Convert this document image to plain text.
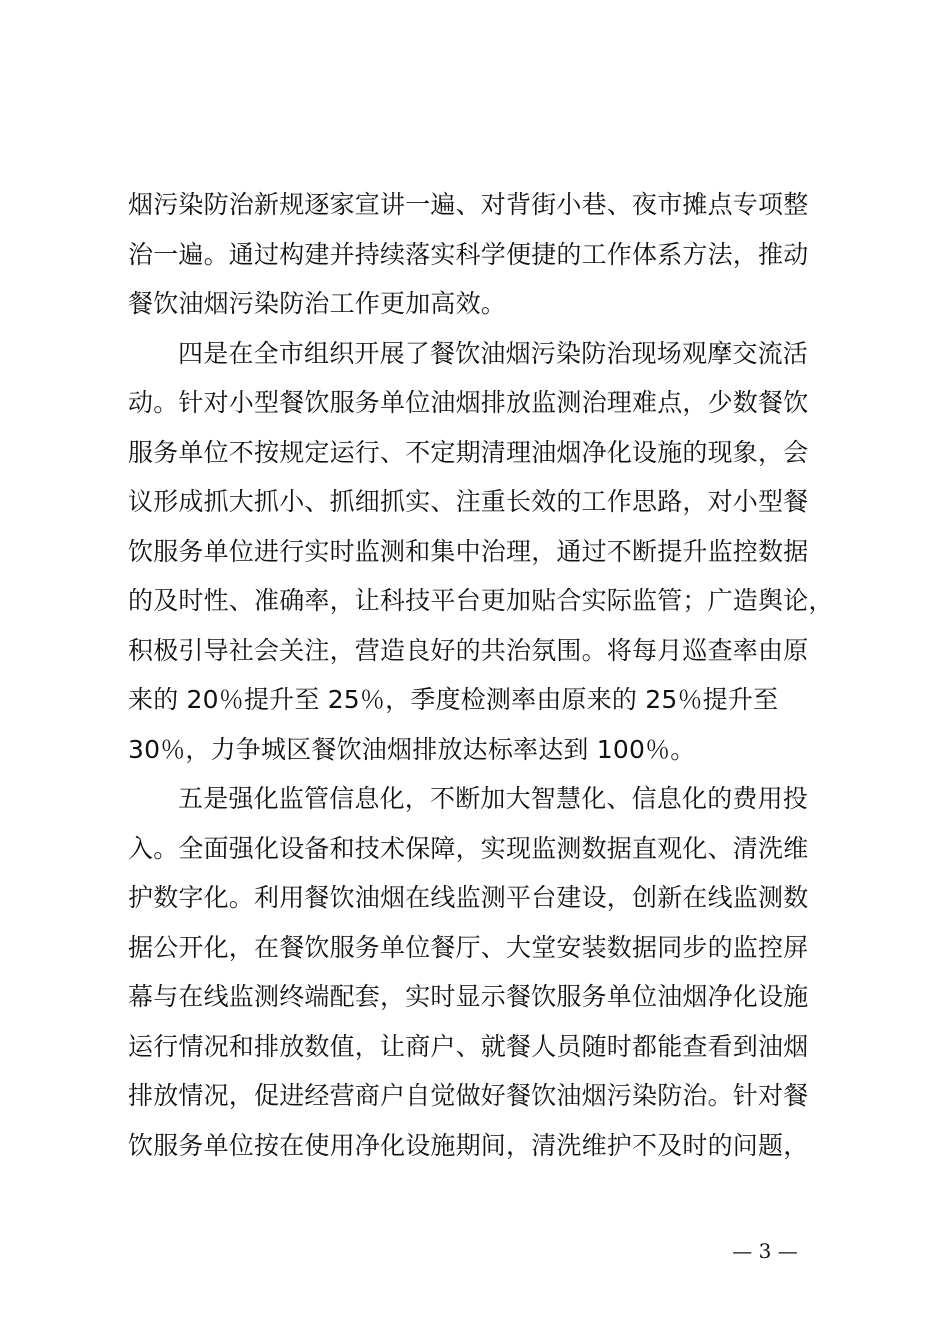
烟污染防治新规逐家宣讲一遍、对背街小巷、夜市摊点专项整
治一遍。通过构建并持续落实科学便捷的工作体系方法，推动
餐饮油烟污染防治工作更加高效。
四是在全市组织开展了餐饮油烟污染防治现场观摩交流活
动。针对小型餐饮服务单位油烟排放监测治理难点，少数餐饮
服务单位不按规定运行、不定期清理油烟净化设施的现象，会
议形成抓大抓小、抓细抓实、注重长效的工作思路，对小型餐
饮服务单位进行实时监测和集中治理，通过不断提升监控数据
的及时性、准确率，让科技平台更加贴合实际监管；广造舆论，
积极引导社会关注，营造良好的共治氛围。将每月巡查率由原
来的 20％提升至 25％，季度检测率由原来的 25％提升至
30％，力争城区餐饮油烟排放达标率达到 100％。
五是强化监管信息化，不断加大智慧化、信息化的费用投
入。全面强化设备和技术保障，实现监测数据直观化、清洗维
护数字化。利用餐饮油烟在线监测平台建设，创新在线监测数
据公开化，在餐饮服务单位餐厅、大堂安装数据同步的监控屏
幕与在线监测终端配套，实时显示餐饮服务单位油烟净化设施
运行情况和排放数值，让商户、就餐人员随时都能查看到油烟
排放情况，促进经营商户自觉做好餐饮油烟污染防治。针对餐
饮服务单位按在使用净化设施期间，清洗维护不及时的问题，
— 3 —
